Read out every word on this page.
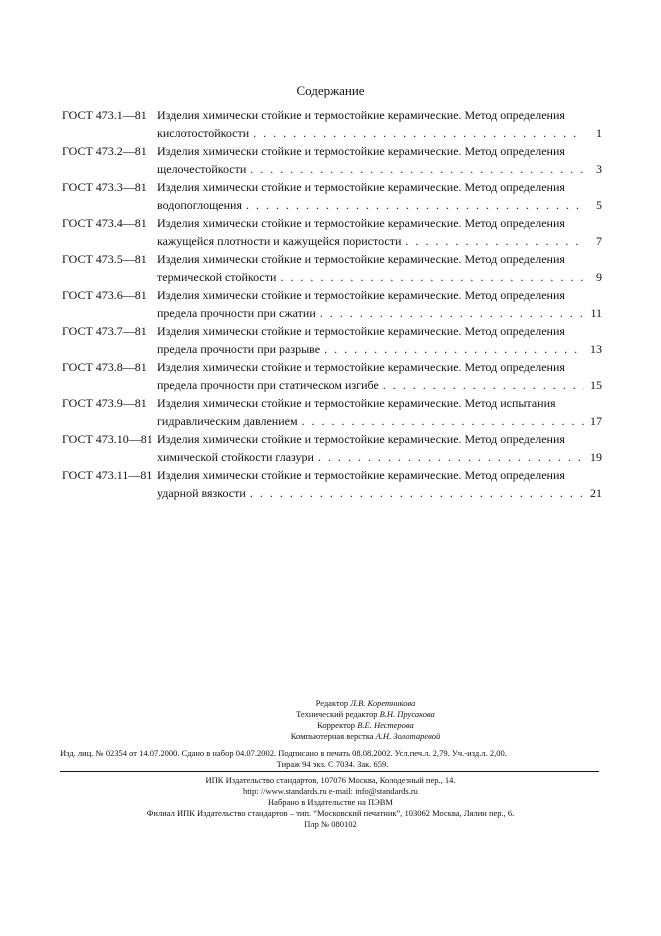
Содержание
ГОСТ 473.1—81 Изделия химически стойкие и термостойкие керамические. Метод определения
кислотостойкости . . .	1
ГОСТ 473.2—81 Изделия химически стойкие и термостойкие керамические. Метод определения
щелочестойкости . . .	3
ГОСТ 473.3—81 Изделия химически стойкие и термостойкие керамические. Метод определения
водопоглощения . . .	5
ГОСТ 473.4—81 Изделия химически стойкие и термостойкие керамические. Метод определения
кажущейся плотности и кажущейся пористости . . .	7
ГОСТ 473.5—81 Изделия химически стойкие и термостойкие керамические. Метод определения
термической стойкости . . .	9
ГОСТ 473.6—81 Изделия химически стойкие и термостойкие керамические. Метод определения
предела прочности при сжатии . . .	11
ГОСТ 473.7—81 Изделия химически стойкие и термостойкие керамические. Метод определения
предела прочности при разрыве . . .	13
ГОСТ 473.8—81 Изделия химически стойкие и термостойкие керамические. Метод определения
предела прочности при статическом изгибе . . .	15
ГОСТ 473.9—81 Изделия химически стойкие и термостойкие керамические. Метод испытания
гидравлическим давлением . . .	17
ГОСТ 473.10—81 Изделия химически стойкие и термостойкие керамические. Метод определения
химической стойкости глазури . . .	19
ГОСТ 473.11—81 Изделия химически стойкие и термостойкие керамические. Метод определения
ударной вязкости . . .	21
Редактор Л.В. Коретникова
Технический редактор В.Н. Прусакова
Корректор В.Е. Нестерова
Компьютерная верстка А.Н. Золотаревой
Изд. лиц. № 02354 от 14.07.2000. Сдано в набор 04.07.2002. Подписано в печать 08.08.2002. Усл.печ.л. 2,79. Уч.-изд.л. 2,00.
Тираж 94 экз. С 7034. Зак. 659.
ИПК Издательство стандартов, 107076 Москва, Колодезный пер., 14.
http: //www.standards.ru e-mail: info@standards.ru
Набрано в Издательстве на ПЭВМ
Филиал ИПК Издательство стандартов – тип. “Московский печатник”, 103062 Москва, Лялин пер., 6.
Плр № 080102
